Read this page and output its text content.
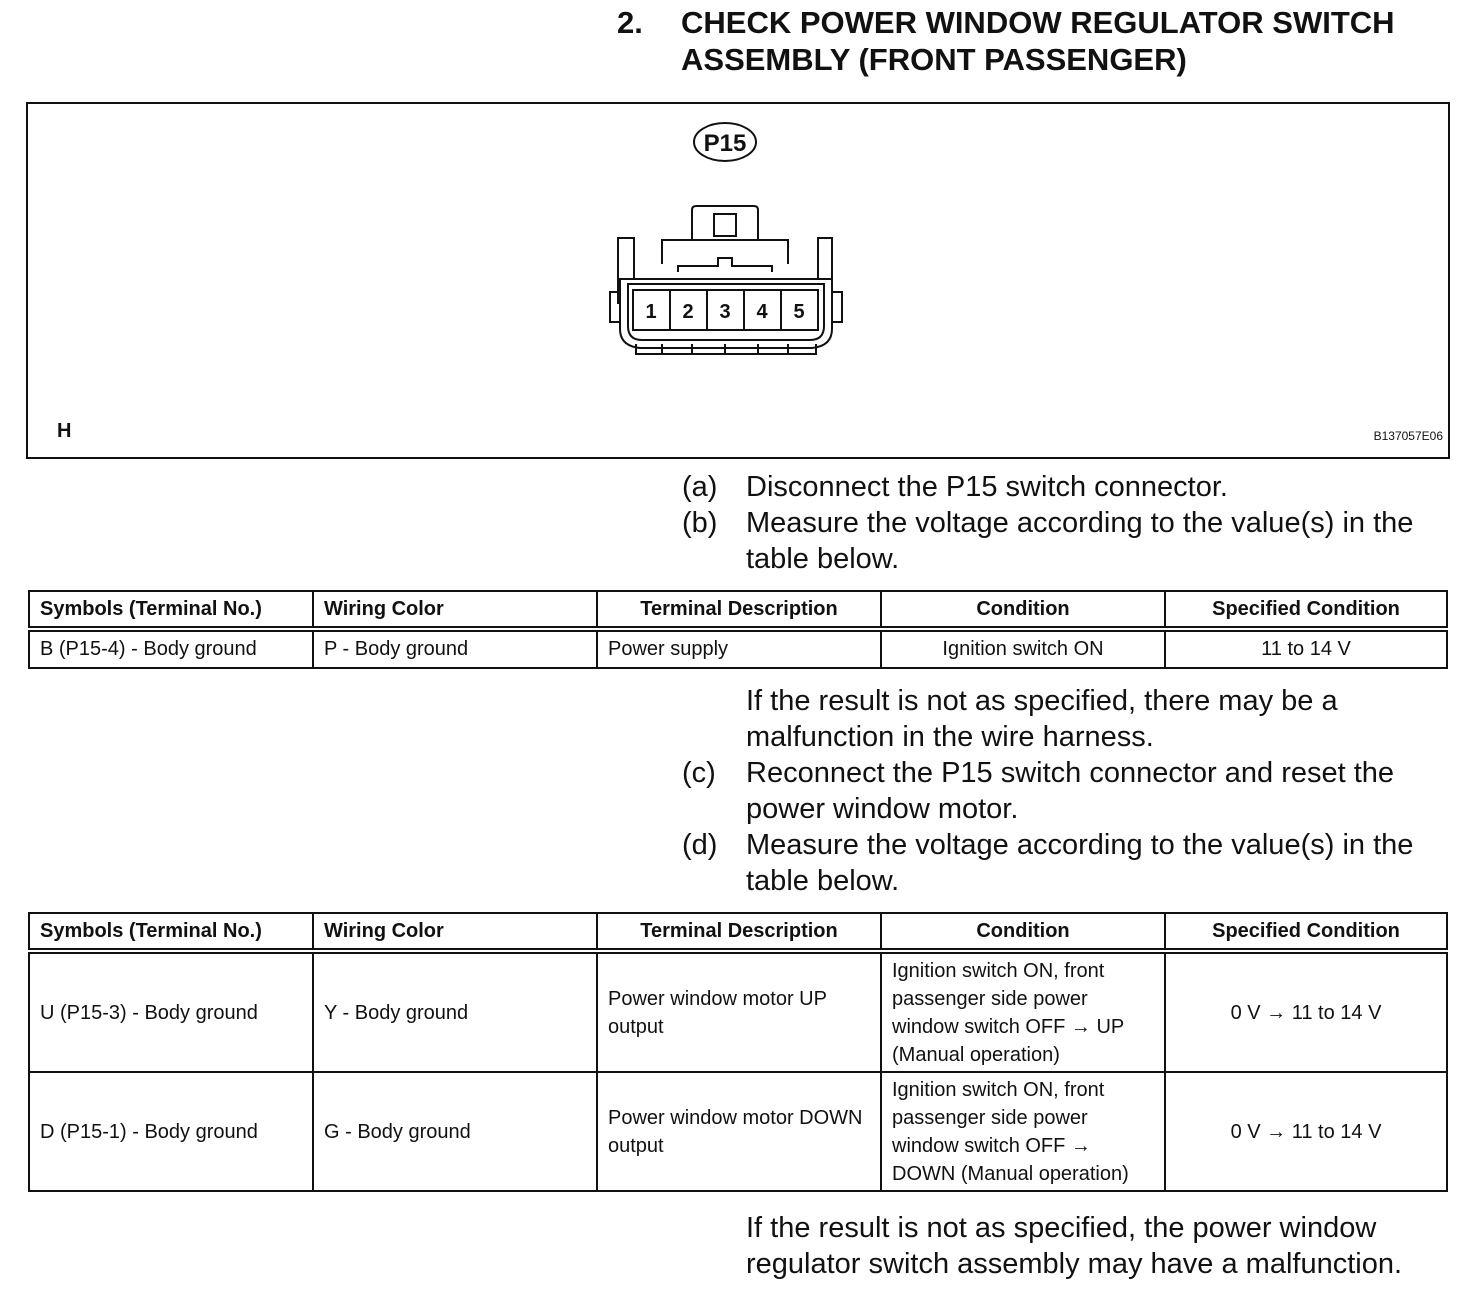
2. CHECK POWER WINDOW REGULATOR SWITCH ASSEMBLY (FRONT PASSENGER)
P15
1 2 3 4 5
H	B137057E06
(a) Disconnect the P15 switch connector.
(b) Measure the voltage according to the value(s) in the table below.
Symbols (Terminal No.)	Wiring Color	Terminal Description	Condition	Specified Condition
B (P15-4) - Body ground	P - Body ground	Power supply	Ignition switch ON	11 to 14 V
If the result is not as specified, there may be a malfunction in the wire harness.
(c) Reconnect the P15 switch connector and reset the power window motor.
(d) Measure the voltage according to the value(s) in the table below.
Symbols (Terminal No.)	Wiring Color	Terminal Description	Condition	Specified Condition
U (P15-3) - Body ground	Y - Body ground	Power window motor UP output	Ignition switch ON, front passenger side power window switch OFF → UP (Manual operation)	0 V → 11 to 14 V
D (P15-1) - Body ground	G - Body ground	Power window motor DOWN output	Ignition switch ON, front passenger side power window switch OFF → DOWN (Manual operation)	0 V → 11 to 14 V
If the result is not as specified, the power window regulator switch assembly may have a malfunction.
